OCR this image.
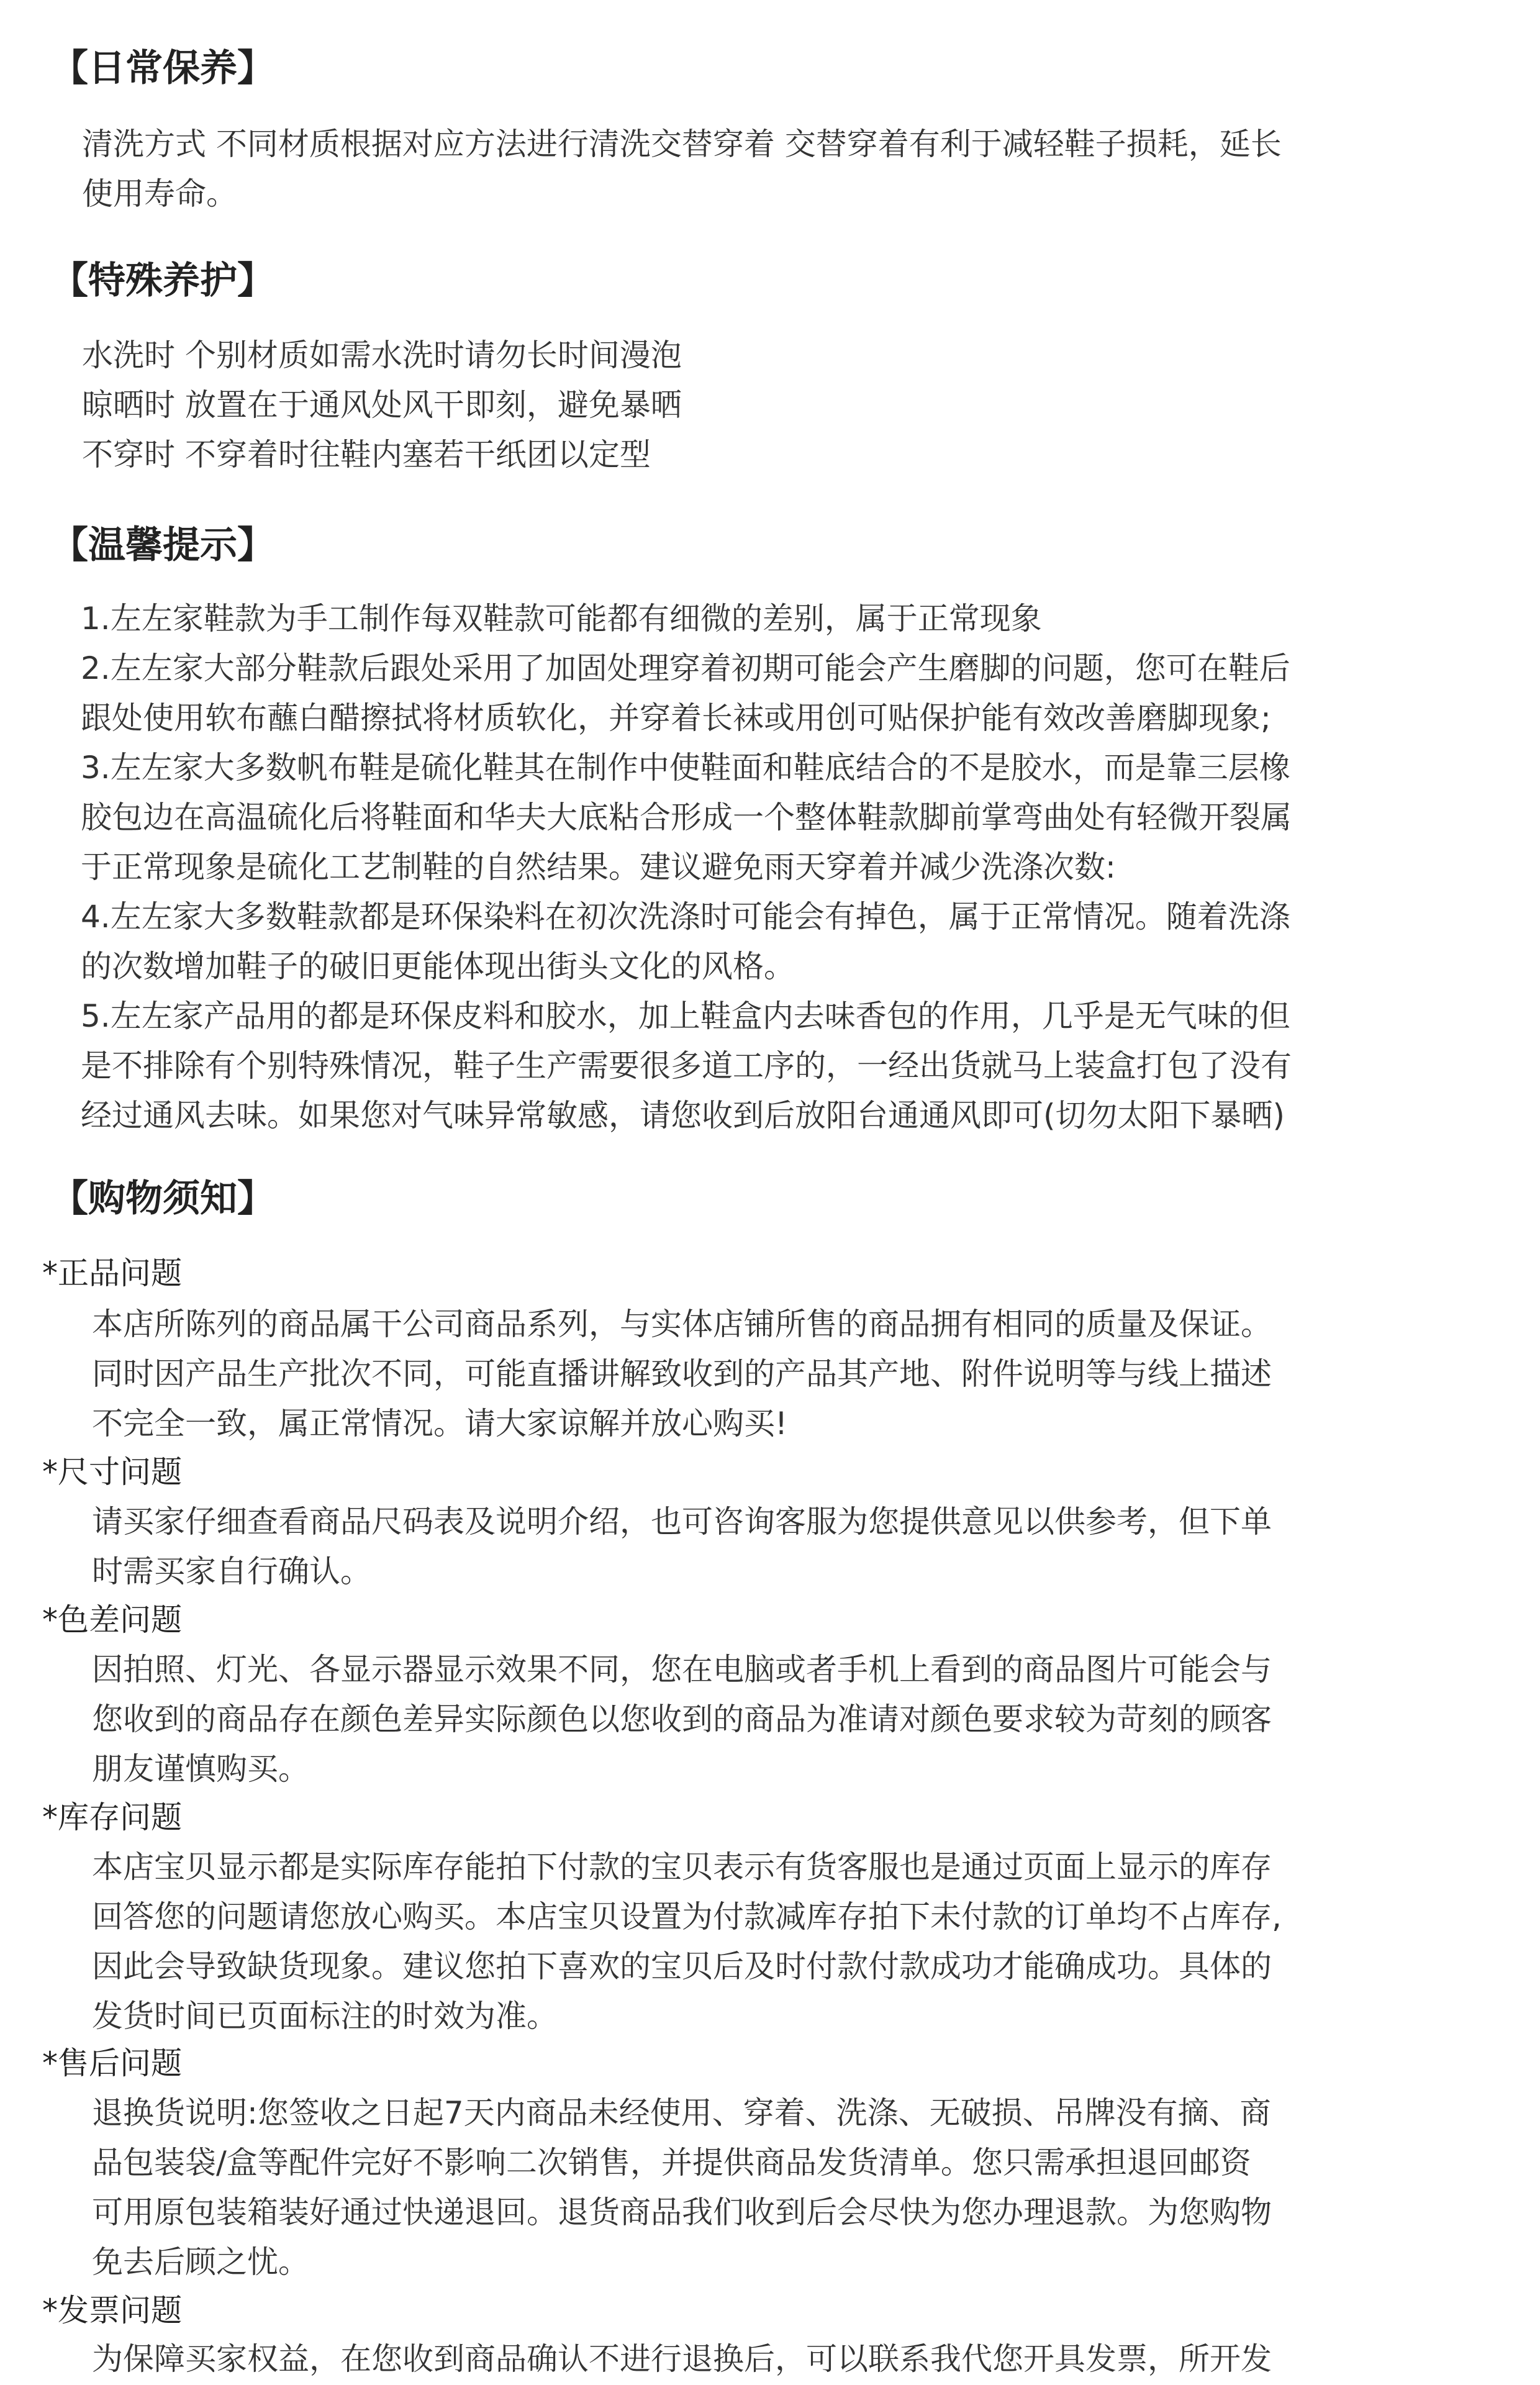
【日常保养】
清洗方式 不同材质根据对应方法进行清洗交替穿着 交替穿着有利于减轻鞋子损耗，延长
使用寿命。
【特殊养护】
水洗时 个别材质如需水洗时请勿长时间漫泡
晾晒时 放置在于通风处风干即刻，避免暴晒
不穿时 不穿着时往鞋内塞若干纸团以定型
【温馨提示】
1.左左家鞋款为手工制作每双鞋款可能都有细微的差别，属于正常现象
2.左左家大部分鞋款后跟处采用了加固处理穿着初期可能会产生磨脚的问题，您可在鞋后
跟处使用软布蘸白醋擦拭将材质软化，并穿着长袜或用创可贴保护能有效改善磨脚现象;
3.左左家大多数帆布鞋是硫化鞋其在制作中使鞋面和鞋底结合的不是胶水，而是靠三层橡
胶包边在高温硫化后将鞋面和华夫大底粘合形成一个整体鞋款脚前掌弯曲处有轻微开裂属
于正常现象是硫化工艺制鞋的自然结果。建议避免雨天穿着并减少洗涤次数:
4.左左家大多数鞋款都是环保染料在初次洗涤时可能会有掉色，属于正常情况。随着洗涤
的次数增加鞋子的破旧更能体现出街头文化的风格。
5.左左家产品用的都是环保皮料和胶水，加上鞋盒内去味香包的作用，几乎是无气味的但
是不排除有个别特殊情况，鞋子生产需要很多道工序的，一经出货就马上装盒打包了没有
经过通风去味。如果您对气味异常敏感，请您收到后放阳台通通风即可(切勿太阳下暴晒)
【购物须知】
*正品问题
本店所陈列的商品属干公司商品系列，与实体店铺所售的商品拥有相同的质量及保证。
同时因产品生产批次不同，可能直播讲解致收到的产品其产地、附件说明等与线上描述
不完全一致，属正常情况。请大家谅解并放心购买!
*尺寸问题
请买家仔细查看商品尺码表及说明介绍，也可咨询客服为您提供意见以供参考，但下单
时需买家自行确认。
*色差问题
因拍照、灯光、各显示器显示效果不同，您在电脑或者手机上看到的商品图片可能会与
您收到的商品存在颜色差异实际颜色以您收到的商品为准请对颜色要求较为苛刻的顾客
朋友谨慎购买。
*库存问题
本店宝贝显示都是实际库存能拍下付款的宝贝表示有货客服也是通过页面上显示的库存
回答您的问题请您放心购买。本店宝贝设置为付款减库存拍下未付款的订单均不占库存,
因此会导致缺货现象。建议您拍下喜欢的宝贝后及时付款付款成功才能确成功。具体的
发货时间已页面标注的时效为准。
*售后问题
退换货说明:您签收之日起7天内商品未经使用、穿着、洗涤、无破损、吊牌没有摘、商
品包装袋/盒等配件完好不影响二次销售，并提供商品发货清单。您只需承担退回邮资
可用原包装箱装好通过快递退回。退货商品我们收到后会尽快为您办理退款。为您购物
免去后顾之忧。
*发票问题
为保障买家权益，在您收到商品确认不进行退换后，可以联系我代您开具发票，所开发
